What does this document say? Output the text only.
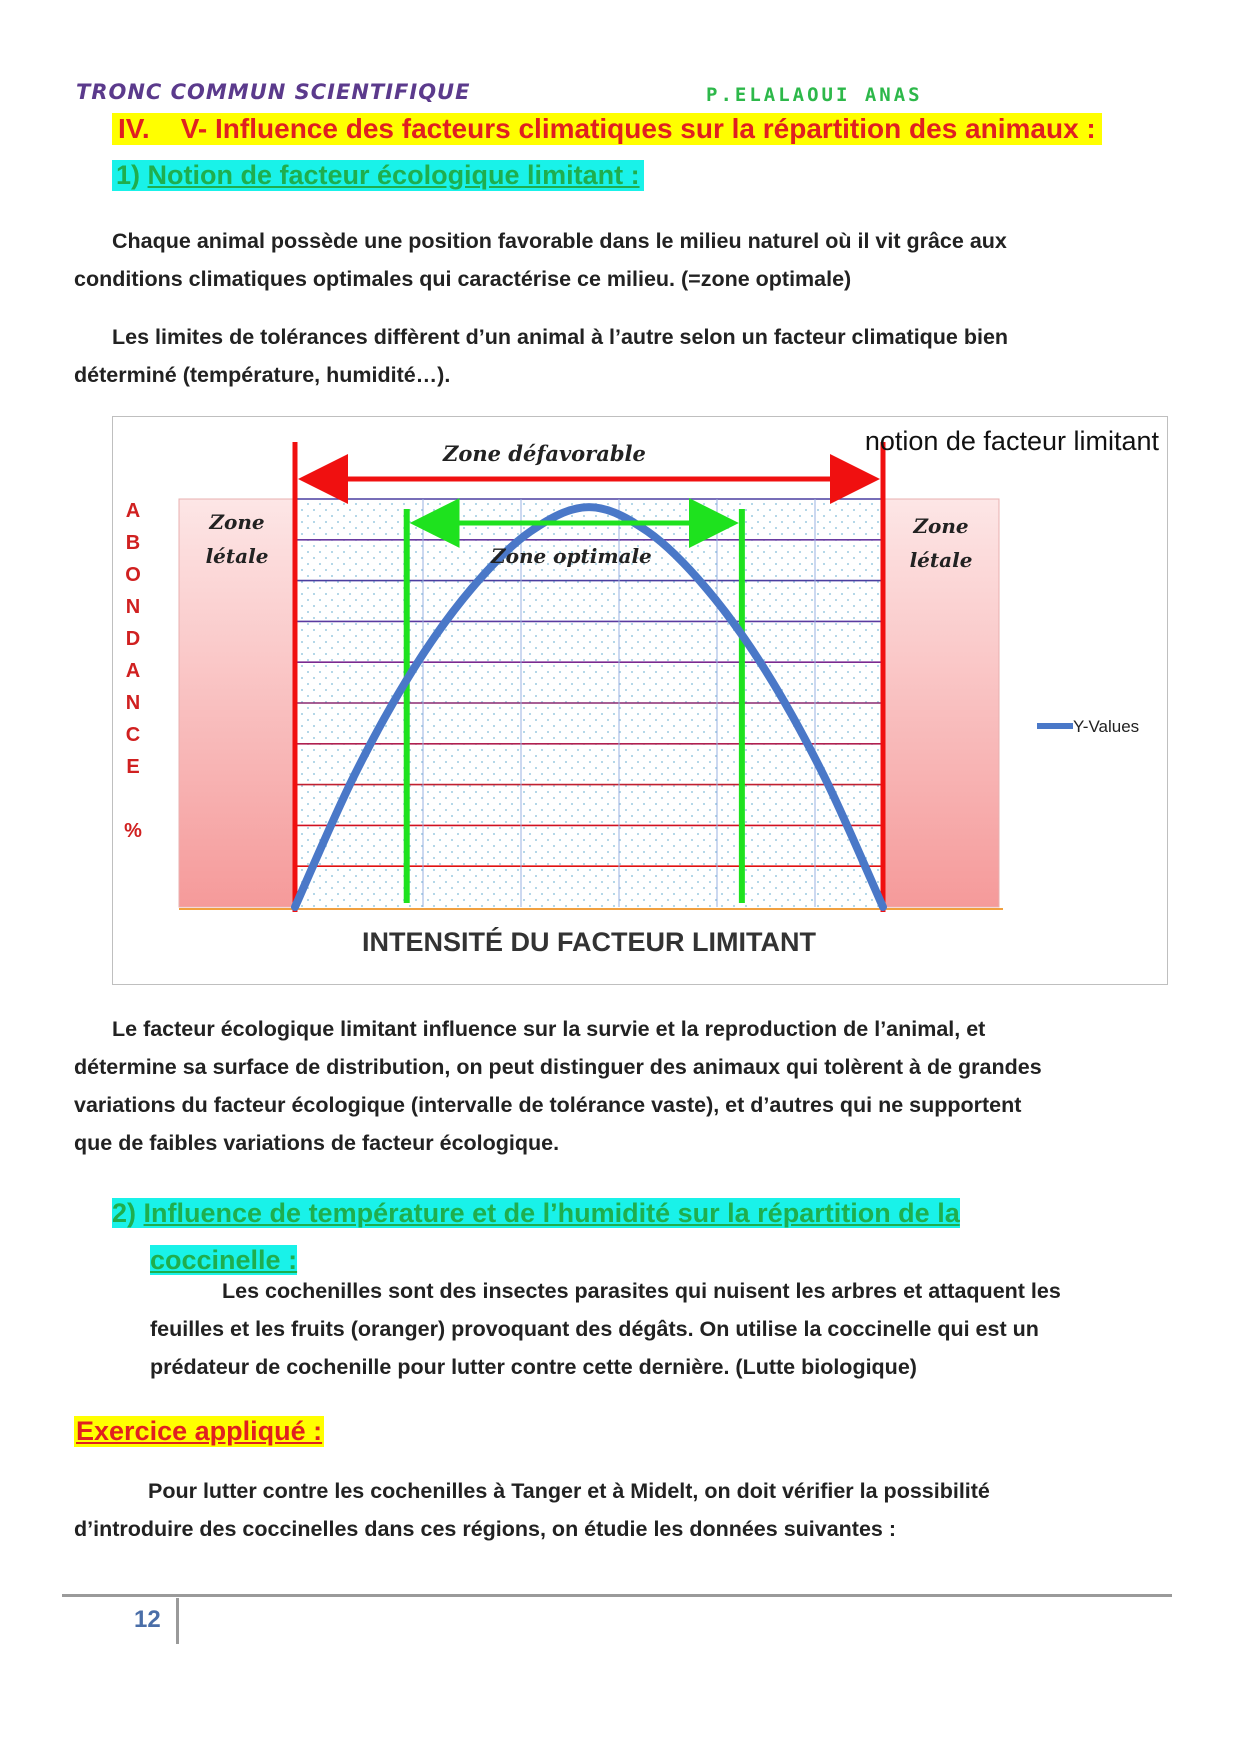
TRONC COMMUN SCIENTIFIQUE	P.ELALAOUI ANAS
IV. V- Influence des facteurs climatiques sur la répartition des animaux :
1) Notion de facteur écologique limitant :
Chaque animal possède une position favorable dans le milieu naturel où il vit grâce aux
conditions climatiques optimales qui caractérise ce milieu. (=zone optimale)
Les limites de tolérances diffèrent d’un animal à l’autre selon un facteur climatique bien
déterminé (température, humidité…).
Zone défavorable
Zone optimale
Zone
létale
Zone
létale
notion de facteur limitant
A
B
O
N
D
A
N
C
E
%
INTENSITÉ DU FACTEUR LIMITANT
Y-Values
Le facteur écologique limitant influence sur la survie et la reproduction de l’animal, et
détermine sa surface de distribution, on peut distinguer des animaux qui tolèrent à de grandes
variations du facteur écologique (intervalle de tolérance vaste), et d’autres qui ne supportent
que de faibles variations de facteur écologique.
2) Influence de température et de l’humidité sur la répartition de la
coccinelle :
Les cochenilles sont des insectes parasites qui nuisent les arbres et attaquent les
feuilles et les fruits (oranger) provoquant des dégâts. On utilise la coccinelle qui est un
prédateur de cochenille pour lutter contre cette dernière. (Lutte biologique)
Exercice appliqué :
Pour lutter contre les cochenilles à Tanger et à Midelt, on doit vérifier la possibilité
d’introduire des coccinelles dans ces régions, on étudie les données suivantes :
12
